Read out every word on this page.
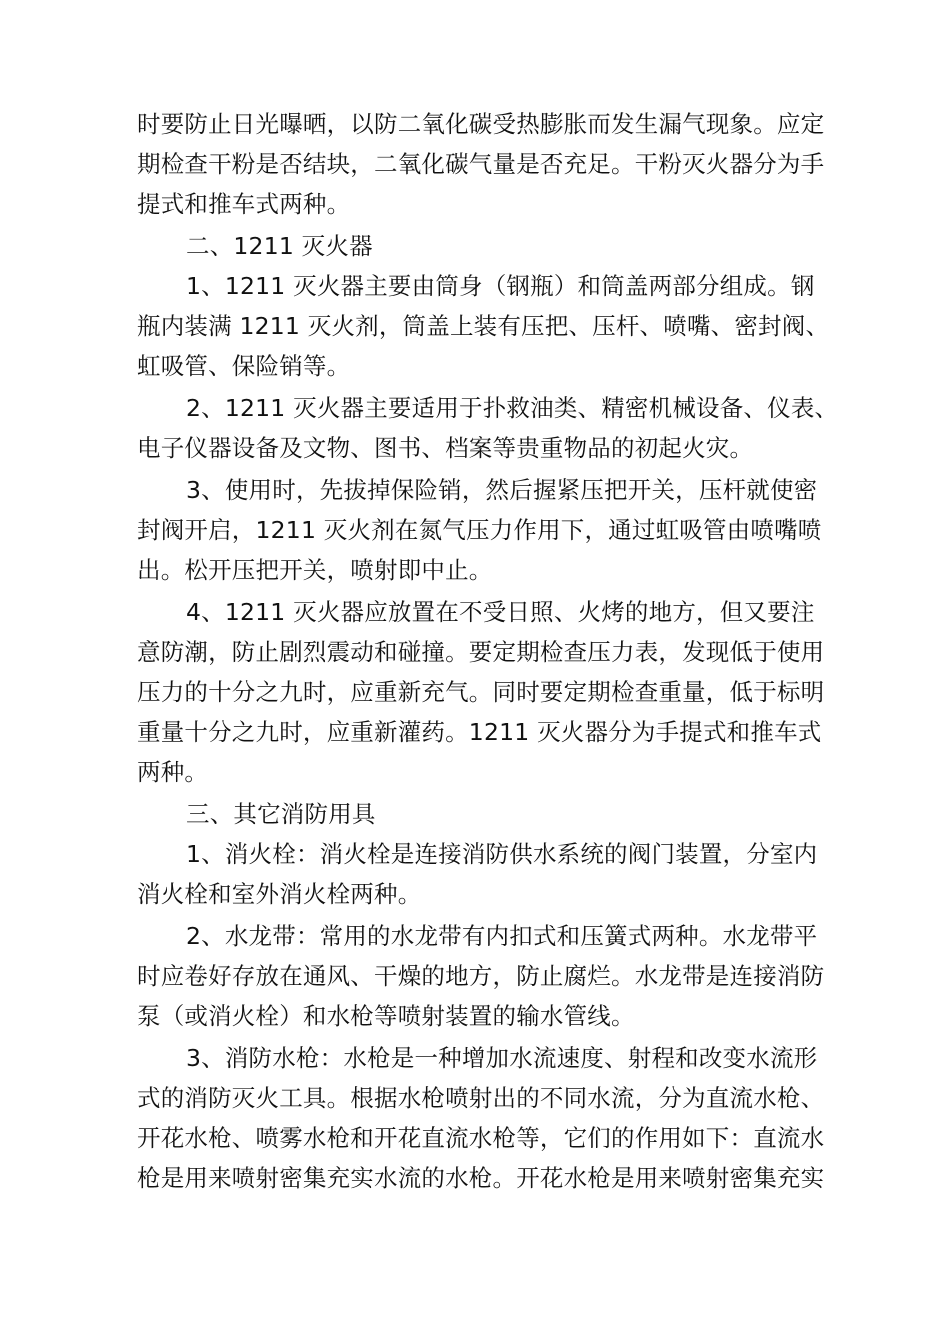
时要防止日光曝晒，以防二氧化碳受热膨胀而发生漏气现象。应定
期检查干粉是否结块，二氧化碳气量是否充足。干粉灭火器分为手
提式和推车式两种。
二、1211 灭火器
1、1211 灭火器主要由筒身（钢瓶）和筒盖两部分组成。钢
瓶内装满 1211 灭火剂，筒盖上装有压把、压杆、喷嘴、密封阀、
虹吸管、保险销等。
2、1211 灭火器主要适用于扑救油类、精密机械设备、仪表、
电子仪器设备及文物、图书、档案等贵重物品的初起火灾。
3、使用时，先拔掉保险销，然后握紧压把开关，压杆就使密
封阀开启，1211 灭火剂在氮气压力作用下，通过虹吸管由喷嘴喷
出。松开压把开关，喷射即中止。
4、1211 灭火器应放置在不受日照、火烤的地方，但又要注
意防潮，防止剧烈震动和碰撞。要定期检查压力表，发现低于使用
压力的十分之九时，应重新充气。同时要定期检查重量，低于标明
重量十分之九时，应重新灌药。1211 灭火器分为手提式和推车式
两种。
三、其它消防用具
1、消火栓：消火栓是连接消防供水系统的阀门装置，分室内
消火栓和室外消火栓两种。
2、水龙带：常用的水龙带有内扣式和压簧式两种。水龙带平
时应卷好存放在通风、干燥的地方，防止腐烂。水龙带是连接消防
泵（或消火栓）和水枪等喷射装置的输水管线。
3、消防水枪：水枪是一种增加水流速度、射程和改变水流形
式的消防灭火工具。根据水枪喷射出的不同水流，分为直流水枪、
开花水枪、喷雾水枪和开花直流水枪等，它们的作用如下：直流水
枪是用来喷射密集充实水流的水枪。开花水枪是用来喷射密集充实
